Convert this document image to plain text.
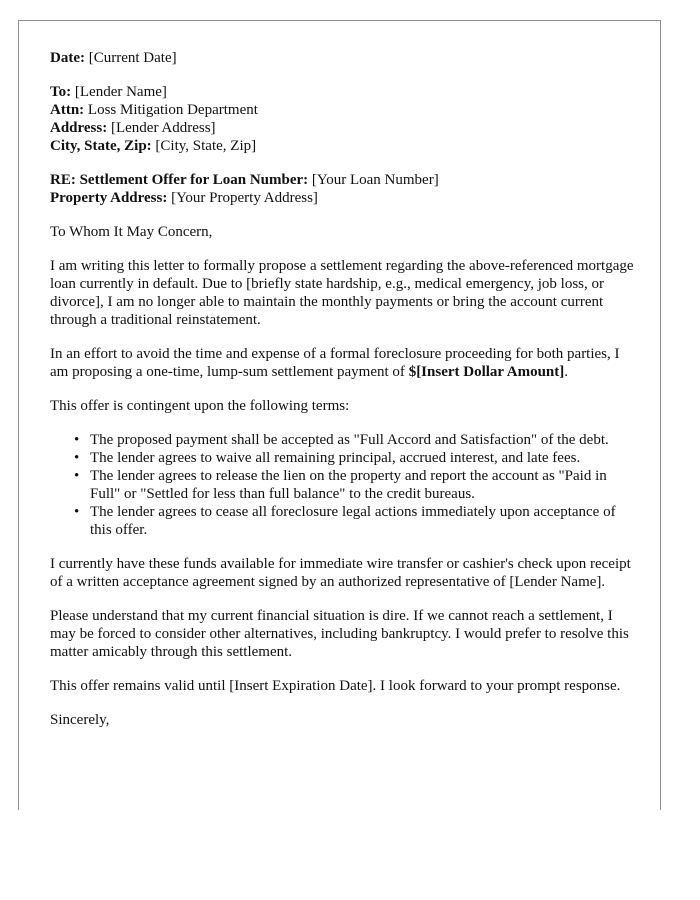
Date: [Current Date]
To: [Lender Name]
Attn: Loss Mitigation Department
Address: [Lender Address]
City, State, Zip: [City, State, Zip]
RE: Settlement Offer for Loan Number: [Your Loan Number]
Property Address: [Your Property Address]

To Whom It May Concern,

I am writing this letter to formally propose a settlement regarding the above-referenced mortgage loan currently in default. Due to [briefly state hardship, e.g., medical emergency, job loss, or divorce], I am no longer able to maintain the monthly payments or bring the account current through a traditional reinstatement.

In an effort to avoid the time and expense of a formal foreclosure proceeding for both parties, I am proposing a one-time, lump-sum settlement payment of $[Insert Dollar Amount].

This offer is contingent upon the following terms:

• The proposed payment shall be accepted as "Full Accord and Satisfaction" of the debt.
• The lender agrees to waive all remaining principal, accrued interest, and late fees.
• The lender agrees to release the lien on the property and report the account as "Paid in Full" or "Settled for less than full balance" to the credit bureaus.
• The lender agrees to cease all foreclosure legal actions immediately upon acceptance of this offer.

I currently have these funds available for immediate wire transfer or cashier's check upon receipt of a written acceptance agreement signed by an authorized representative of [Lender Name].

Please understand that my current financial situation is dire. If we cannot reach a settlement, I may be forced to consider other alternatives, including bankruptcy. I would prefer to resolve this matter amicably through this settlement.

This offer remains valid until [Insert Expiration Date]. I look forward to your prompt response.

Sincerely,
